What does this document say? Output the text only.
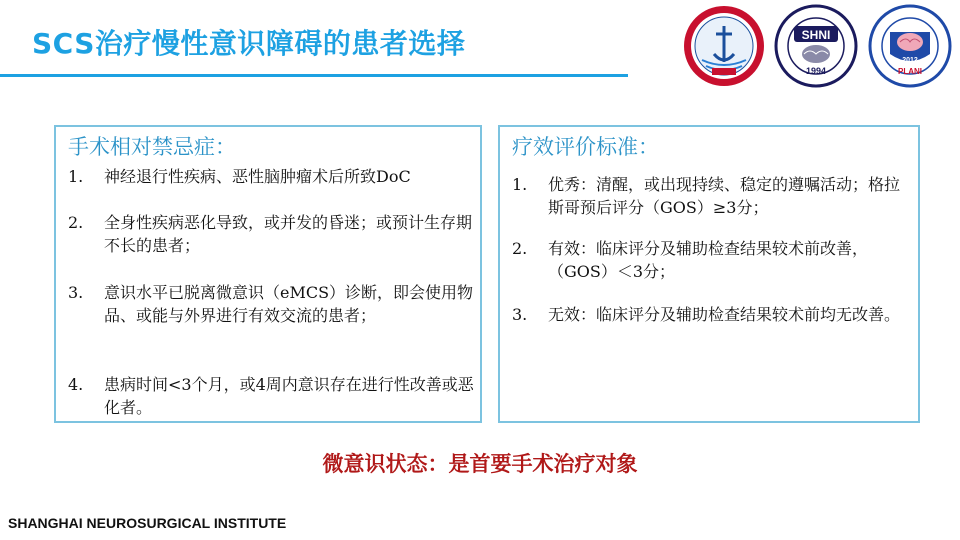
SCS治疗慢性意识障碍的患者选择	SHNI
1994
2012
PLANI
手术相对禁忌症：
1. 神经退行性疾病、恶性脑肿瘤术后所致DoC
2. 全身性疾病恶化导致，或并发的昏迷；或预计生存期不长的患者；
3. 意识水平已脱离微意识（eMCS）诊断，即会使用物品、或能与外界进行有效交流的患者；
4. 患病时间<3个月，或4周内意识存在进行性改善或恶化者。
疗效评价标准：
1. 优秀：清醒，或出现持续、稳定的遵嘱活动；格拉斯哥预后评分（GOS）≥3分；
2. 有效：临床评分及辅助检查结果较术前改善，（GOS）＜3分；
3. 无效：临床评分及辅助检查结果较术前均无改善。
微意识状态：是首要手术治疗对象
SHANGHAI NEUROSURGICAL INSTITUTE
